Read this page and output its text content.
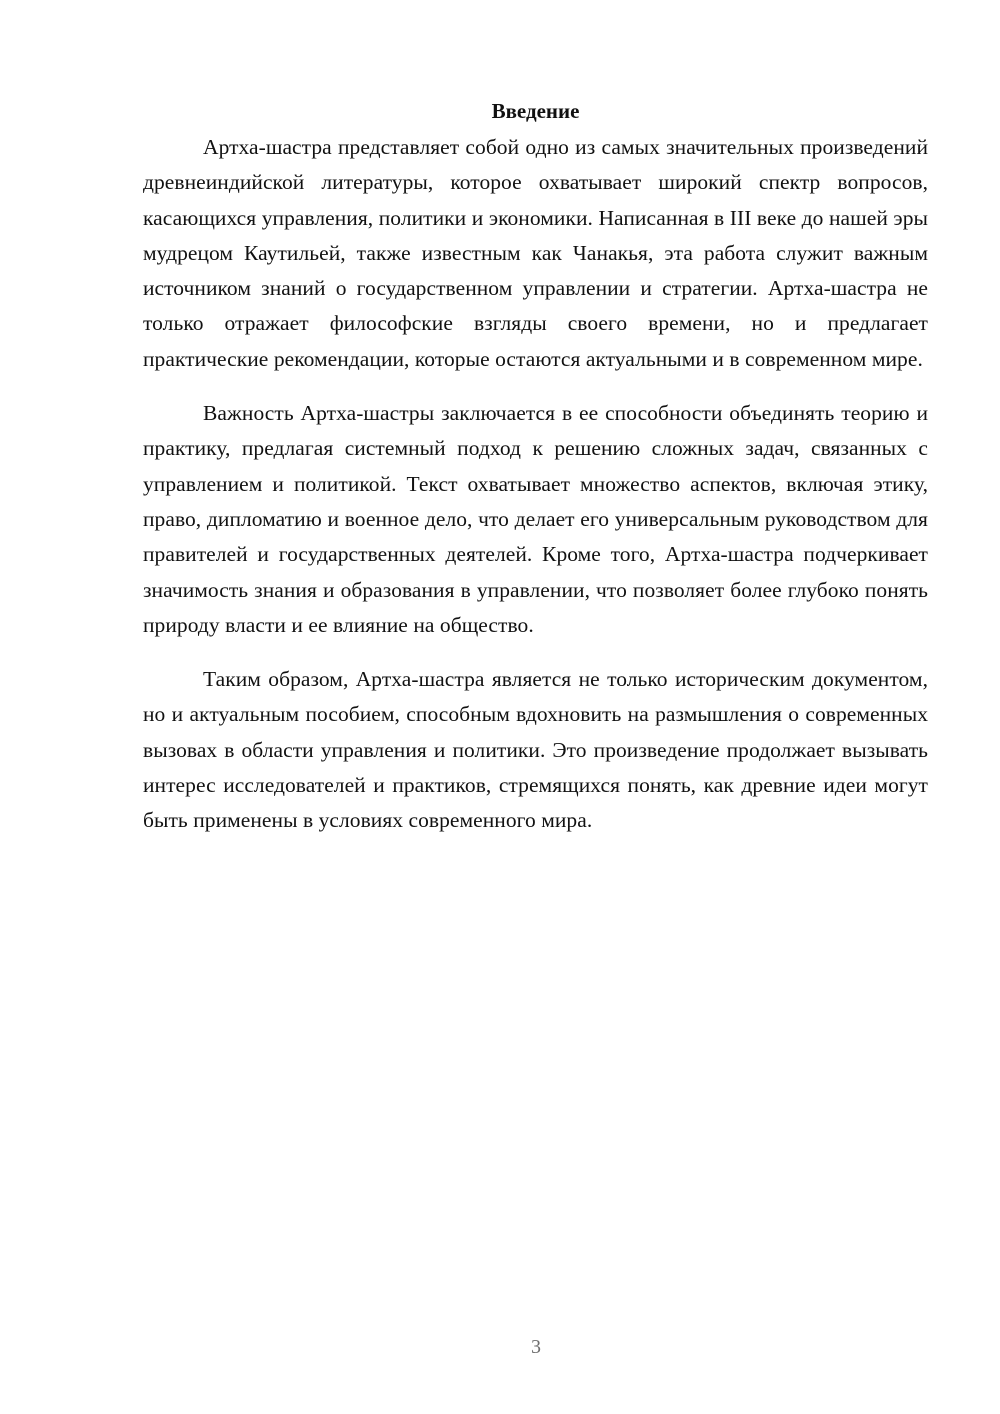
Введение

Артха-шастра представляет собой одно из самых значительных произведений древнеиндийской литературы, которое охватывает широкий спектр вопросов, касающихся управления, политики и экономики. Написанная в III веке до нашей эры мудрецом Каутильей, также известным как Чанакья, эта работа служит важным источником знаний о государственном управлении и стратегии. Артха-шастра не только отражает философские взгляды своего времени, но и предлагает практические рекомендации, которые остаются актуальными и в современном мире.

Важность Артха-шастры заключается в ее способности объединять теорию и практику, предлагая системный подход к решению сложных задач, связанных с управлением и политикой. Текст охватывает множество аспектов, включая этику, право, дипломатию и военное дело, что делает его универсальным руководством для правителей и государственных деятелей. Кроме того, Артха-шастра подчеркивает значимость знания и образования в управлении, что позволяет более глубоко понять природу власти и ее влияние на общество.

Таким образом, Артха-шастра является не только историческим документом, но и актуальным пособием, способным вдохновить на размышления о современных вызовах в области управления и политики. Это произведение продолжает вызывать интерес исследователей и практиков, стремящихся понять, как древние идеи могут быть применены в условиях современного мира.

3
